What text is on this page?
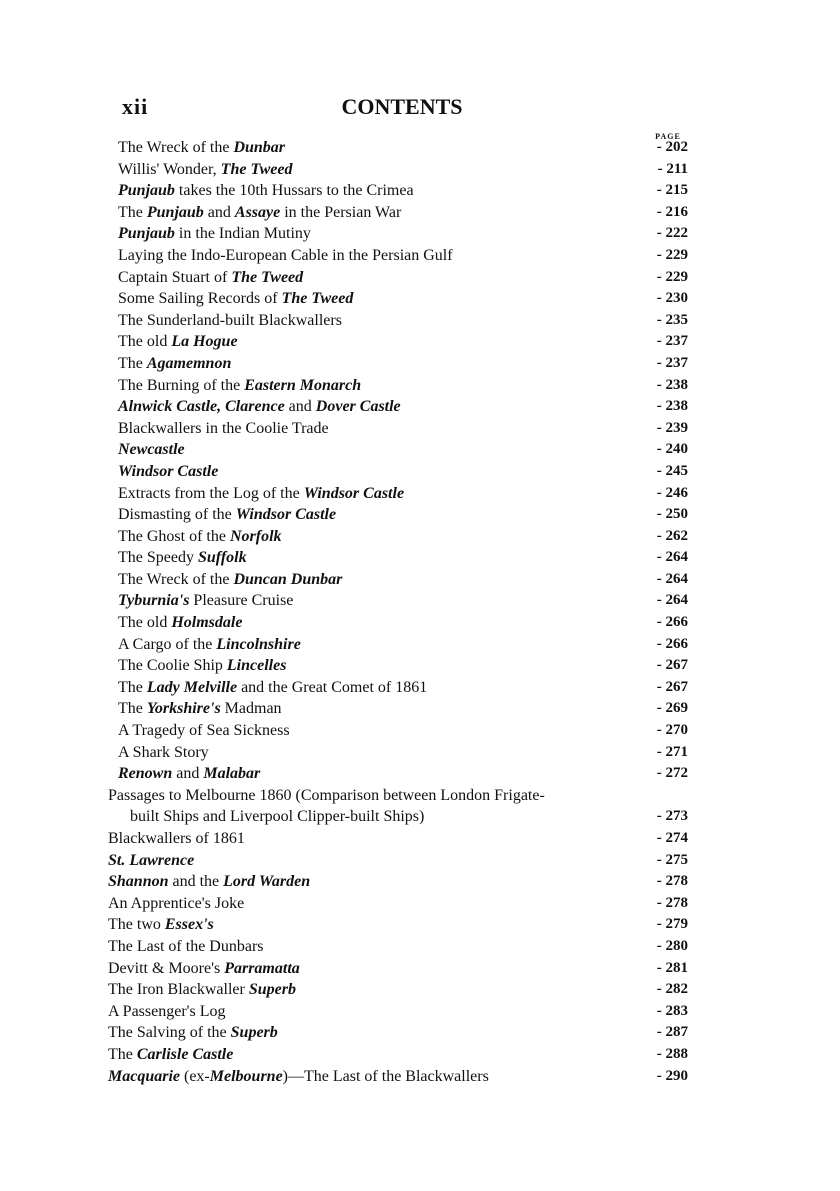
xii	CONTENTS
PAGE
The Wreck of the Dunbar	- 202
Willis' Wonder, The Tweed	- 211
Punjaub takes the 10th Hussars to the Crimea	- 215
The Punjaub and Assaye in the Persian War	- 216
Punjaub in the Indian Mutiny	- 222
Laying the Indo-European Cable in the Persian Gulf	- 229
Captain Stuart of The Tweed	- 229
Some Sailing Records of The Tweed	- 230
The Sunderland-built Blackwallers	- 235
The old La Hogue	- 237
The Agamemnon	- 237
The Burning of the Eastern Monarch	- 238
Alnwick Castle, Clarence and Dover Castle	- 238
Blackwallers in the Coolie Trade	- 239
Newcastle	- 240
Windsor Castle	- 245
Extracts from the Log of the Windsor Castle	- 246
Dismasting of the Windsor Castle	- 250
The Ghost of the Norfolk	- 262
The Speedy Suffolk	- 264
The Wreck of the Duncan Dunbar	- 264
Tyburnia's Pleasure Cruise	- 264
The old Holmsdale	- 266
A Cargo of the Lincolnshire	- 266
The Coolie Ship Lincelles	- 267
The Lady Melville and the Great Comet of 1861	- 267
The Yorkshire's Madman	- 269
A Tragedy of Sea Sickness	- 270
A Shark Story	- 271
Renown and Malabar	- 272
Passages to Melbourne 1860 (Comparison between London Frigate-
built Ships and Liverpool Clipper-built Ships)	- 273
Blackwallers of 1861	- 274
St. Lawrence	- 275
Shannon and the Lord Warden	- 278
An Apprentice's Joke	- 278
The two Essex's	- 279
The Last of the Dunbars	- 280
Devitt & Moore's Parramatta	- 281
The Iron Blackwaller Superb	- 282
A Passenger's Log	- 283
The Salving of the Superb	- 287
The Carlisle Castle	- 288
Macquarie (ex-Melbourne)—The Last of the Blackwallers	- 290
